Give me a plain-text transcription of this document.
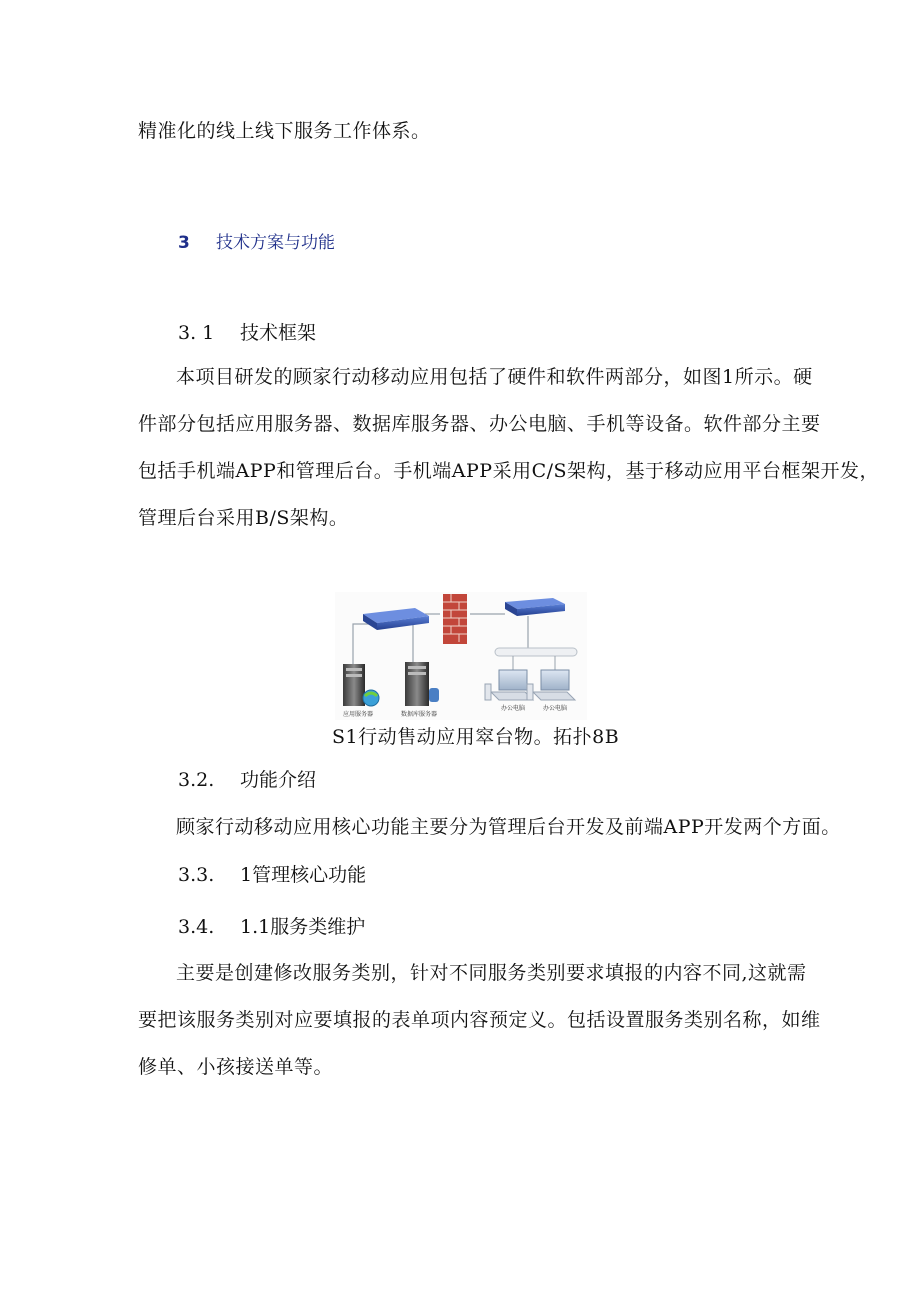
精准化的线上线下服务工作体系。

3 技术方案与功能
3. 1 技术框架

本项目研发的顾家行动移动应用包括了硬件和软件两部分，如图1所示。硬

件部分包括应用服务器、数据库服务器、办公电脑、手机等设备。软件部分主要

包括手机端APP和管理后台。手机端APP采用C/S架构，基于移动应用平台框架开发，

管理后台采用B/S架构。

应用服务器	数据库服务器
办公电脑	办公电脑
S1行动售动应用窣台物。拓扑8B
3.2. 功能介绍

顾家行动移动应用核心功能主要分为管理后台开发及前端APP开发两个方面。

3.3. 1管理核心功能
3.4. 1.1服务类维护

主要是创建修改服务类别，针对不同服务类别要求填报的内容不同,这就需

要把该服务类别对应要填报的表单项内容预定义。包括设置服务类别名称，如维

修单、小孩接送单等。
